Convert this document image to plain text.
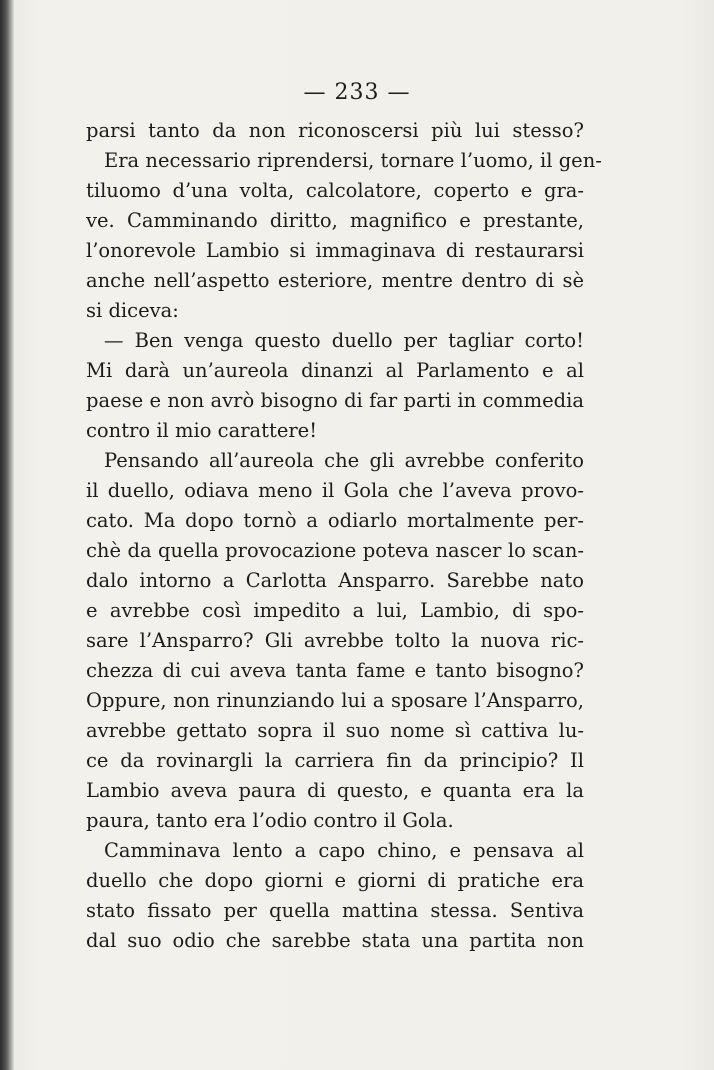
— 233 —
parsi tanto da non riconoscersi più lui stesso?
Era necessario riprendersi, tornare l’uomo, il gen-
tiluomo d’una volta, calcolatore, coperto e gra-
ve. Camminando diritto, magnifico e prestante,
l’onorevole Lambio si immaginava di restaurarsi
anche nell’aspetto esteriore, mentre dentro di sè
si diceva:
— Ben venga questo duello per tagliar corto!
Mi darà un’aureola dinanzi al Parlamento e al
paese e non avrò bisogno di far parti in commedia
contro il mio carattere!
Pensando all’aureola che gli avrebbe conferito
il duello, odiava meno il Gola che l’aveva provo-
cato. Ma dopo tornò a odiarlo mortalmente per-
chè da quella provocazione poteva nascer lo scan-
dalo intorno a Carlotta Ansparro. Sarebbe nato
e avrebbe così impedito a lui, Lambio, di spo-
sare l’Ansparro? Gli avrebbe tolto la nuova ric-
chezza di cui aveva tanta fame e tanto bisogno?
Oppure, non rinunziando lui a sposare l’Ansparro,
avrebbe gettato sopra il suo nome sì cattiva lu-
ce da rovinargli la carriera fin da principio? Il
Lambio aveva paura di questo, e quanta era la
paura, tanto era l’odio contro il Gola.
Camminava lento a capo chino, e pensava al
duello che dopo giorni e giorni di pratiche era
stato fissato per quella mattina stessa. Sentiva
dal suo odio che sarebbe stata una partita non
